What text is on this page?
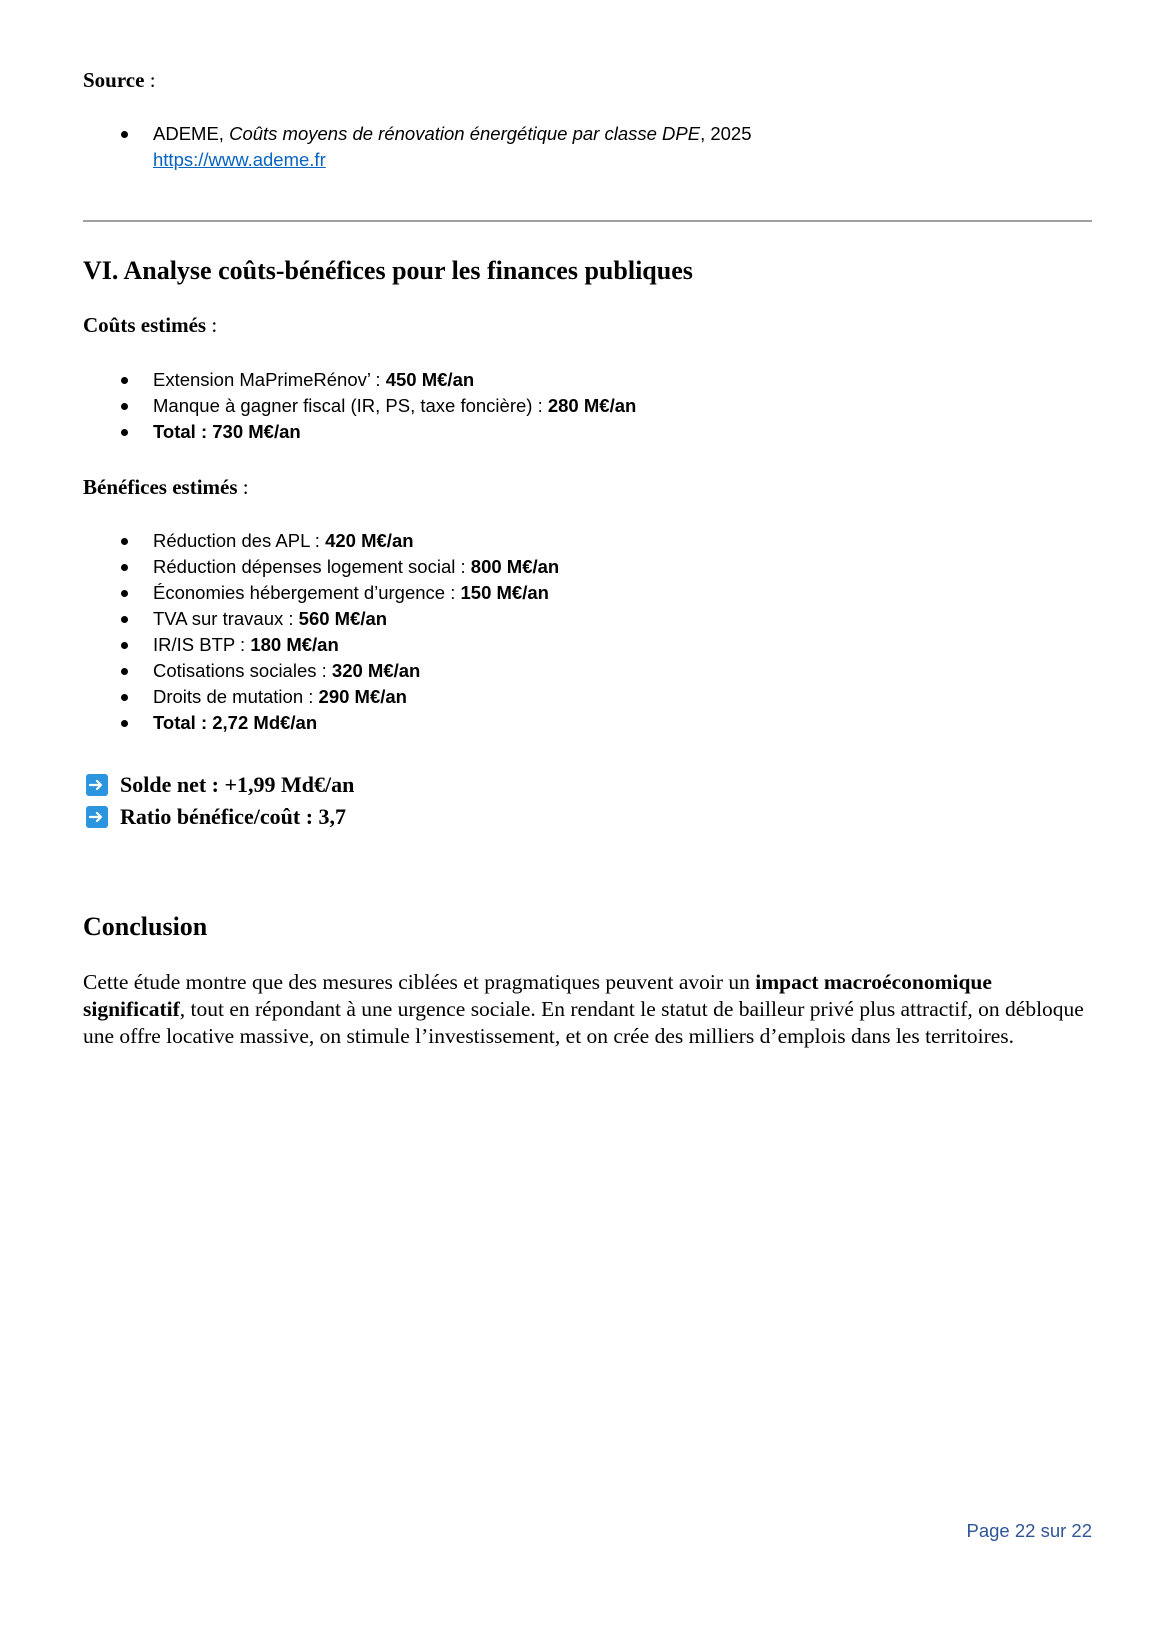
Source :
ADEME, Coûts moyens de rénovation énergétique par classe DPE, 2025
https://www.ademe.fr
VI. Analyse coûts-bénéfices pour les finances publiques
Coûts estimés :
Extension MaPrimeRénov’ : 450 M€/an
Manque à gagner fiscal (IR, PS, taxe foncière) : 280 M€/an
Total : 730 M€/an
Bénéfices estimés :
Réduction des APL : 420 M€/an
Réduction dépenses logement social : 800 M€/an
Économies hébergement d’urgence : 150 M€/an
TVA sur travaux : 560 M€/an
IR/IS BTP : 180 M€/an
Cotisations sociales : 320 M€/an
Droits de mutation : 290 M€/an
Total : 2,72 Md€/an
Solde net : +1,99 Md€/an
Ratio bénéfice/coût : 3,7
Conclusion

Cette étude montre que des mesures ciblées et pragmatiques peuvent avoir un impact macroéconomique significatif, tout en répondant à une urgence sociale. En rendant le statut de bailleur privé plus attractif, on débloque une offre locative massive, on stimule l’investissement, et on crée des milliers d’emplois dans les territoires.

Page 22 sur 22
